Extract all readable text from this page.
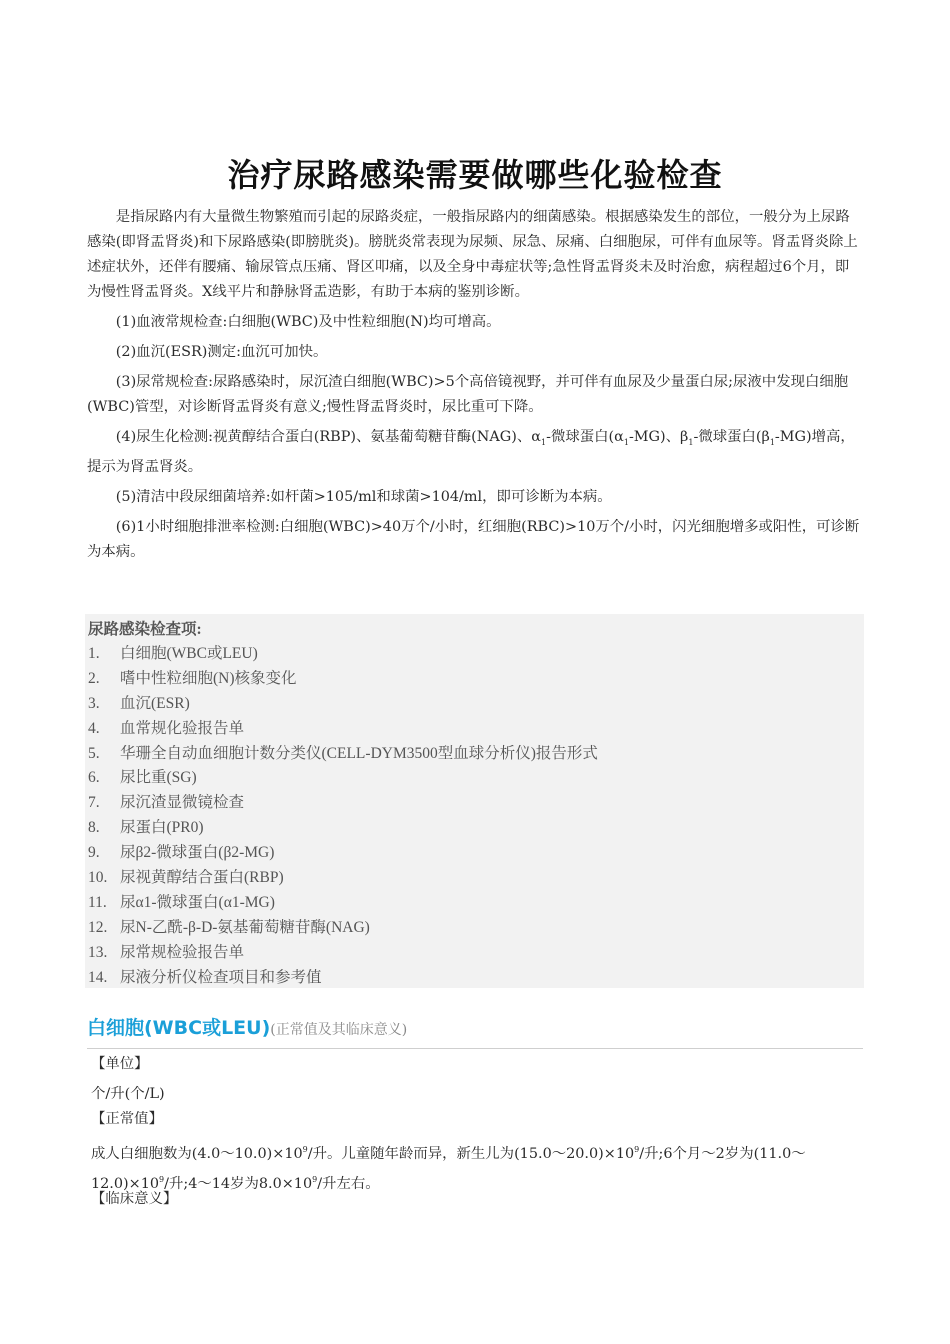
治疗尿路感染需要做哪些化验检查

是指尿路内有大量微生物繁殖而引起的尿路炎症，一般指尿路内的细菌感染。根据感染发生的部位，一般分为上尿路感染(即肾盂肾炎)和下尿路感染(即膀胱炎)。膀胱炎常表现为尿频、尿急、尿痛、白细胞尿，可伴有血尿等。肾盂肾炎除上述症状外，还伴有腰痛、输尿管点压痛、肾区叩痛，以及全身中毒症状等;急性肾盂肾炎未及时治愈，病程超过6个月，即为慢性肾盂肾炎。X线平片和静脉肾盂造影，有助于本病的鉴别诊断。

(1)血液常规检查:白细胞(WBC)及中性粒细胞(N)均可增高。

(2)血沉(ESR)测定:血沉可加快。

(3)尿常规检查:尿路感染时，尿沉渣白细胞(WBC)>5个高倍镜视野，并可伴有血尿及少量蛋白尿;尿液中发现白细胞(WBC)管型，对诊断肾盂肾炎有意义;慢性肾盂肾炎时，尿比重可下降。

(4)尿生化检测:视黄醇结合蛋白(RBP)、氨基葡萄糖苷酶(NAG)、$\alpha_1-$微球蛋白$(\alpha_1-MG)$、$\beta_1-$微球蛋白$(\beta_1-MG)$增高，提示为肾盂肾炎。

(5)清洁中段尿细菌培养:如杆菌>105/ml和球菌>104/ml，即可诊断为本病。

(6)1小时细胞排泄率检测:白细胞(WBC)>40万个/小时，红细胞(RBC)>10万个/小时，闪光细胞增多或阳性，可诊断为本病。

尿路感染检查项:
1. 白细胞(WBC或LEU)
2. 嗜中性粒细胞(N)核象变化
3. 血沉(ESR)
4. 血常规化验报告单
5. 华珊全自动血细胞计数分类仪(CELL-DYM3500型血球分析仪)报告形式
6. 尿比重(SG)
7. 尿沉渣显微镜检查
8. 尿蛋白(PR0)
9. 尿β2-微球蛋白(β2-MG)
10. 尿视黄醇结合蛋白(RBP)
11. 尿α1-微球蛋白(α1-MG)
12. 尿N-乙酰-β-D-氨基葡萄糖苷酶(NAG)
13. 尿常规检验报告单
14. 尿液分析仪检查项目和参考值
白细胞(WBC或LEU)(正常值及其临床意义)
【单位】
个/升(个/L)
【正常值】
成人白细胞数为$(4.0\sim 10.0)\times 10^9/$升。儿童随年龄而异，新生儿为$(15.0\sim 20.0)\times 10^9/$升;6个月～2岁为$(11.0\sim 12.0)\times 10^9/$升;4～14岁为$8.0\times 10^9/$升左右。
【临床意义】
